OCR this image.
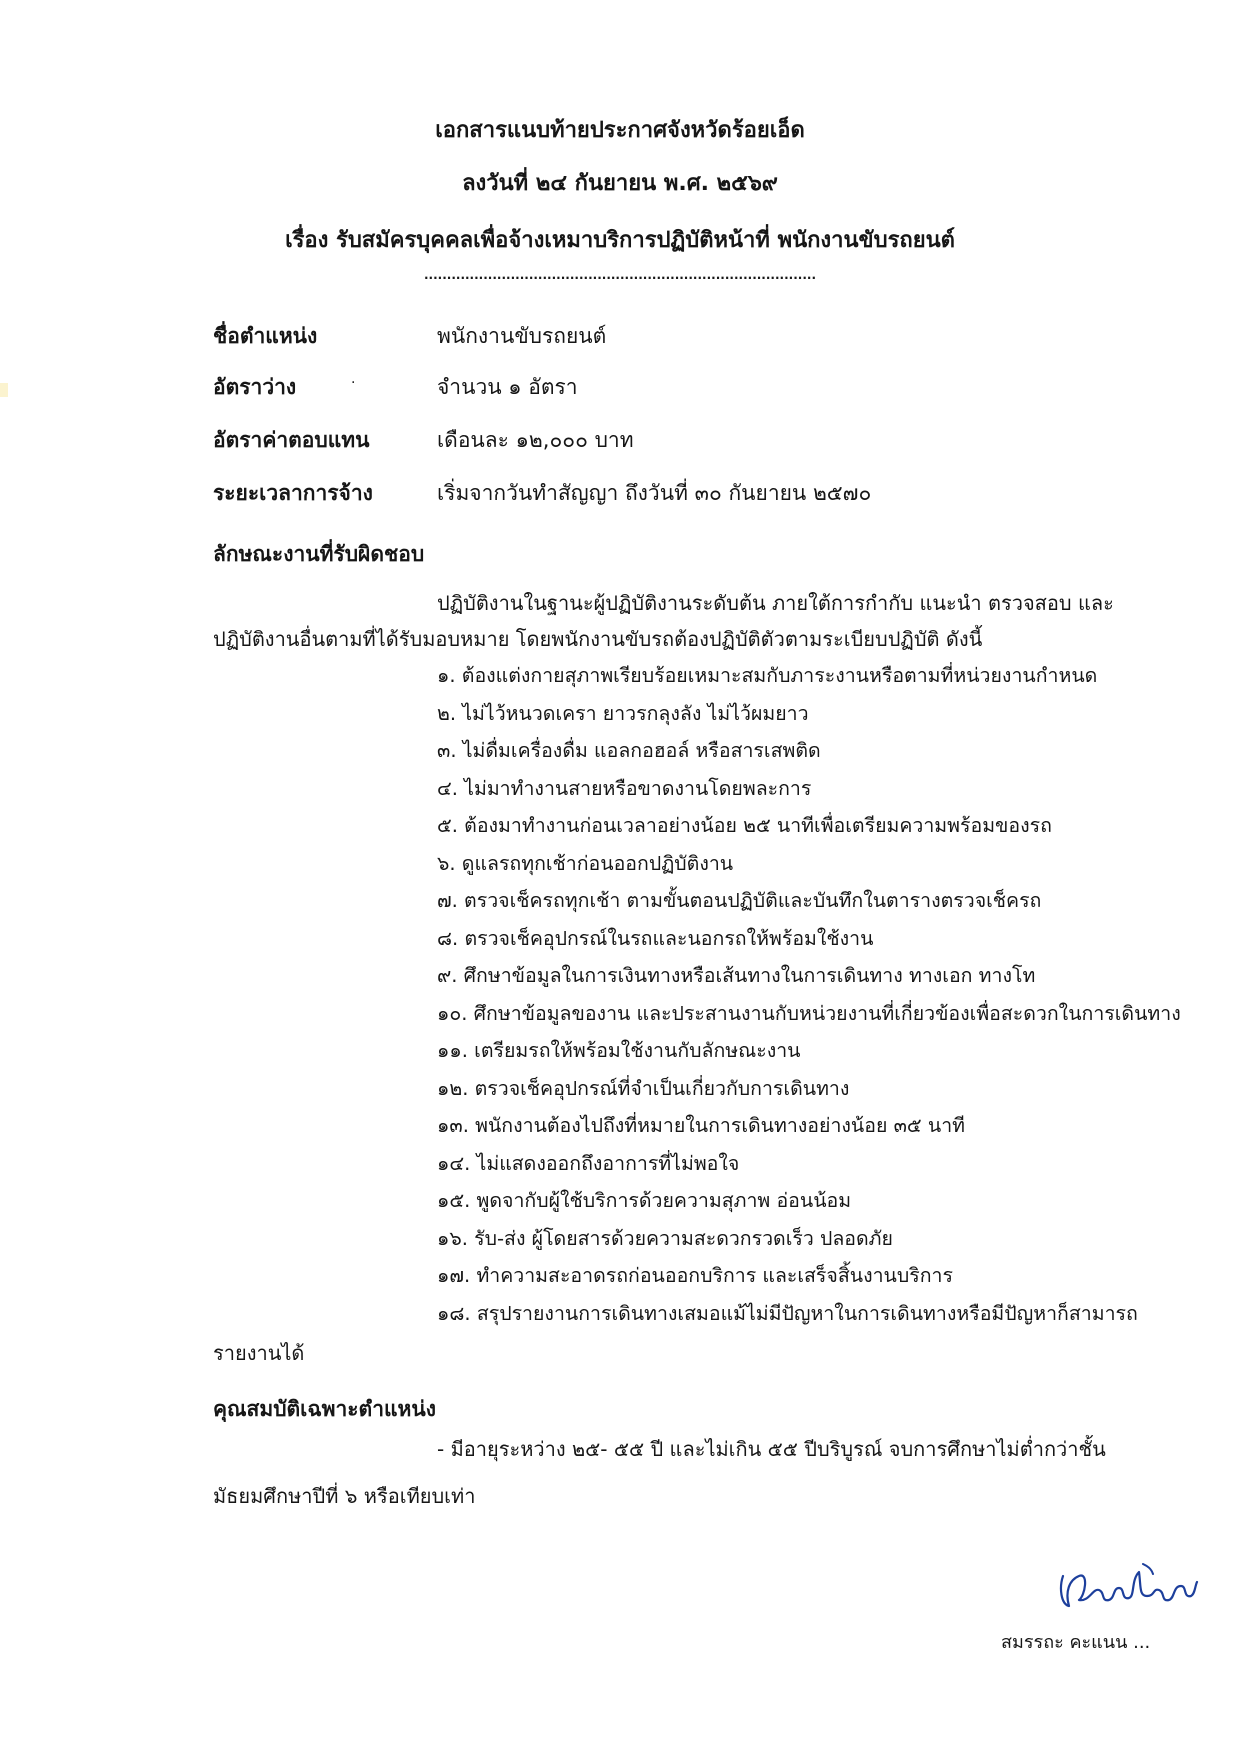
เอกสารแนบท้ายประกาศจังหวัดร้อยเอ็ด
ลงวันที่ ๒๔ กันยายน พ.ศ. ๒๕๖๙
เรื่อง รับสมัครบุคคลเพื่อจ้างเหมาบริการปฏิบัติหน้าที่ พนักงานขับรถยนต์
......................................................................................
ชื่อตำแหน่ง	พนักงานขับรถยนต์
อัตราว่าง	.	จำนวน ๑ อัตรา
อัตราค่าตอบแทน	เดือนละ ๑๒,๐๐๐ บาท
ระยะเวลาการจ้าง	เริ่มจากวันทำสัญญา ถึงวันที่ ๓๐ กันยายน ๒๕๗๐
ลักษณะงานที่รับผิดชอบ
ปฏิบัติงานในฐานะผู้ปฏิบัติงานระดับต้น ภายใต้การกำกับ แนะนำ ตรวจสอบ และ
ปฏิบัติงานอื่นตามที่ได้รับมอบหมาย โดยพนักงานขับรถต้องปฏิบัติตัวตามระเบียบปฏิบัติ ดังนี้
๑. ต้องแต่งกายสุภาพเรียบร้อยเหมาะสมกับภาระงานหรือตามที่หน่วยงานกำหนด
๒. ไม่ไว้หนวดเครา ยาวรกลุงลัง ไม่ไว้ผมยาว
๓. ไม่ดื่มเครื่องดื่ม แอลกอฮอล์ หรือสารเสพติด
๔. ไม่มาทำงานสายหรือขาดงานโดยพละการ
๕. ต้องมาทำงานก่อนเวลาอย่างน้อย ๒๕ นาทีเพื่อเตรียมความพร้อมของรถ
๖. ดูแลรถทุกเช้าก่อนออกปฏิบัติงาน
๗. ตรวจเช็ครถทุกเช้า ตามขั้นตอนปฏิบัติและบันทึกในตารางตรวจเช็ครถ
๘. ตรวจเช็คอุปกรณ์ในรถและนอกรถให้พร้อมใช้งาน
๙. ศึกษาข้อมูลในการเงินทางหรือเส้นทางในการเดินทาง ทางเอก ทางโท
๑๐. ศึกษาข้อมูลของาน และประสานงานกับหน่วยงานที่เกี่ยวข้องเพื่อสะดวกในการเดินทาง
๑๑. เตรียมรถให้พร้อมใช้งานกับลักษณะงาน
๑๒. ตรวจเช็คอุปกรณ์ที่จำเป็นเกี่ยวกับการเดินทาง
๑๓. พนักงานต้องไปถึงที่หมายในการเดินทางอย่างน้อย ๓๕ นาที
๑๔. ไม่แสดงออกถึงอาการที่ไม่พอใจ
๑๕. พูดจากับผู้ใช้บริการด้วยความสุภาพ อ่อนน้อม
๑๖. รับ-ส่ง ผู้โดยสารด้วยความสะดวกรวดเร็ว ปลอดภัย
๑๗. ทำความสะอาดรถก่อนออกบริการ และเสร็จสิ้นงานบริการ
๑๘. สรุปรายงานการเดินทางเสมอแม้ไม่มีปัญหาในการเดินทางหรือมีปัญหาก็สามารถ
รายงานได้
คุณสมบัติเฉพาะตำแหน่ง
- มีอายุระหว่าง ๒๕- ๕๕ ปี และไม่เกิน ๕๕ ปีบริบูรณ์ จบการศึกษาไม่ต่ำกว่าชั้น
มัธยมศึกษาปีที่ ๖ หรือเทียบเท่า
สมรรถะ คะแนน ...
